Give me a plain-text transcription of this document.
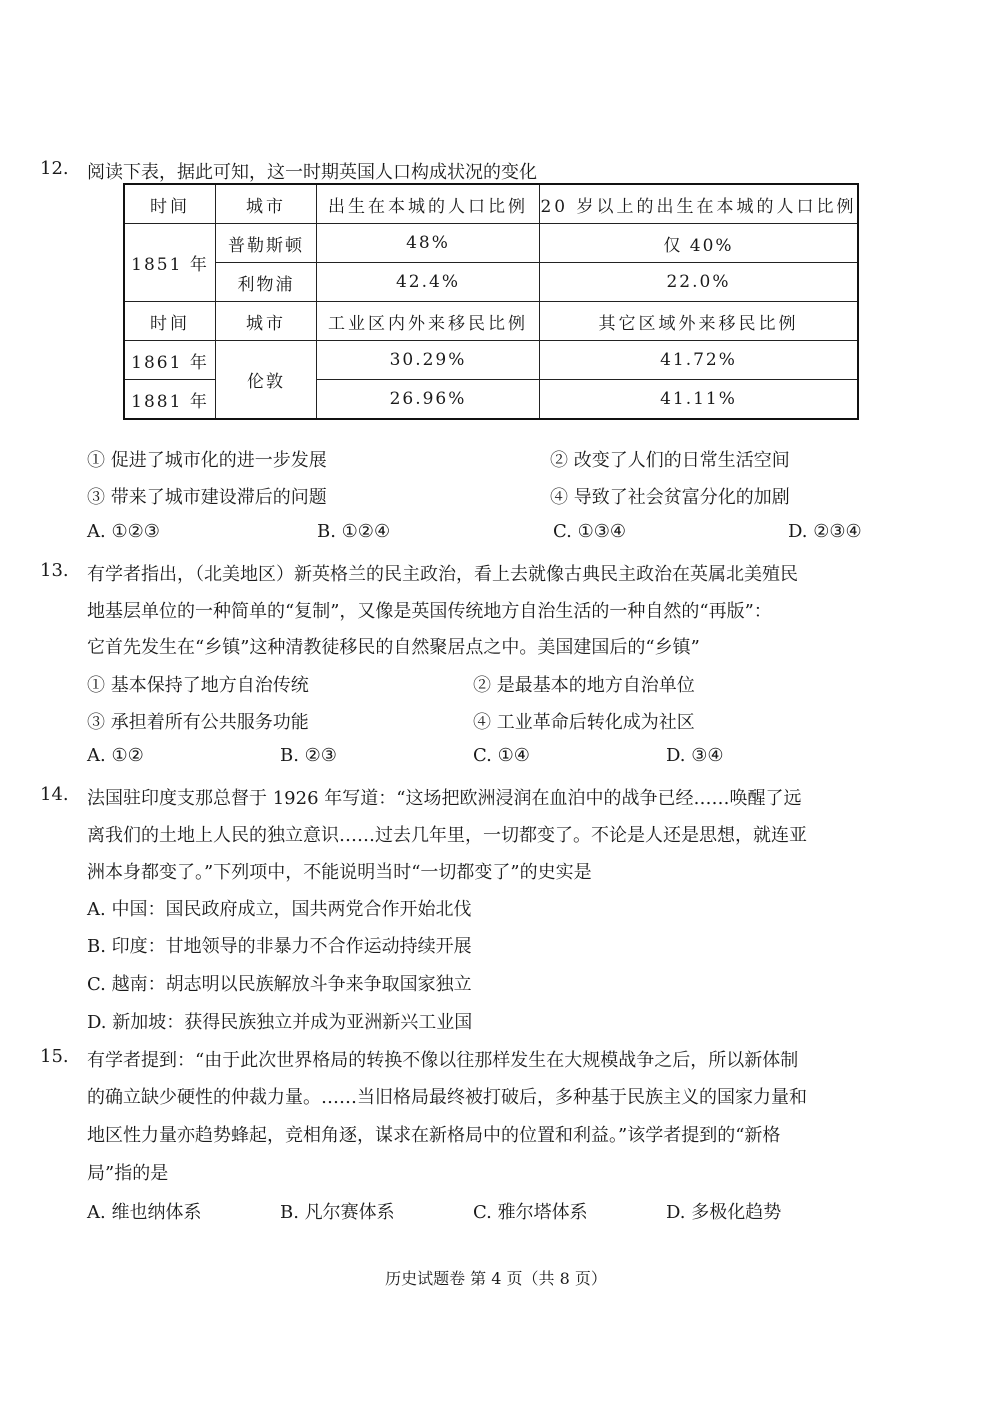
12. 阅读下表，据此可知，这一时期英国人口构成状况的变化
时间	城市	出生在本城的人口比例	20 岁以上的出生在本城的人口比例
1851 年	普勒斯顿	48%	仅 40%
	利物浦	42.4%	22.0%
时间	城市	工业区内外来移民比例	其它区域外来移民比例
1861 年	伦敦	30.29%	41.72%
1881 年		26.96%	41.11%
① 促进了城市化的进一步发展	② 改变了人们的日常生活空间
③ 带来了城市建设滞后的问题	④ 导致了社会贫富分化的加剧
A. ①②③	B. ①②④	C. ①③④	D. ②③④
13. 有学者指出，（北美地区）新英格兰的民主政治，看上去就像古典民主政治在英属北美殖民
地基层单位的一种简单的“复制”，又像是英国传统地方自治生活的一种自然的“再版”：
它首先发生在“乡镇”这种清教徒移民的自然聚居点之中。美国建国后的“乡镇”
① 基本保持了地方自治传统	② 是最基本的地方自治单位
③ 承担着所有公共服务功能	④ 工业革命后转化成为社区
A. ①②	B. ②③	C. ①④	D. ③④
14. 法国驻印度支那总督于 1926 年写道：“这场把欧洲浸润在血泊中的战争已经……唤醒了远
离我们的土地上人民的独立意识……过去几年里，一切都变了。不论是人还是思想，就连亚
洲本身都变了。”下列项中，不能说明当时“一切都变了”的史实是
A. 中国：国民政府成立，国共两党合作开始北伐
B. 印度：甘地领导的非暴力不合作运动持续开展
C. 越南：胡志明以民族解放斗争来争取国家独立
D. 新加坡：获得民族独立并成为亚洲新兴工业国
15. 有学者提到：“由于此次世界格局的转换不像以往那样发生在大规模战争之后，所以新体制
的确立缺少硬性的仲裁力量。……当旧格局最终被打破后，多种基于民族主义的国家力量和
地区性力量亦趋势蜂起，竞相角逐，谋求在新格局中的位置和利益。”该学者提到的“新格
局”指的是
A. 维也纳体系	B. 凡尔赛体系	C. 雅尔塔体系	D. 多极化趋势
历史试题卷 第 4 页（共 8 页）
